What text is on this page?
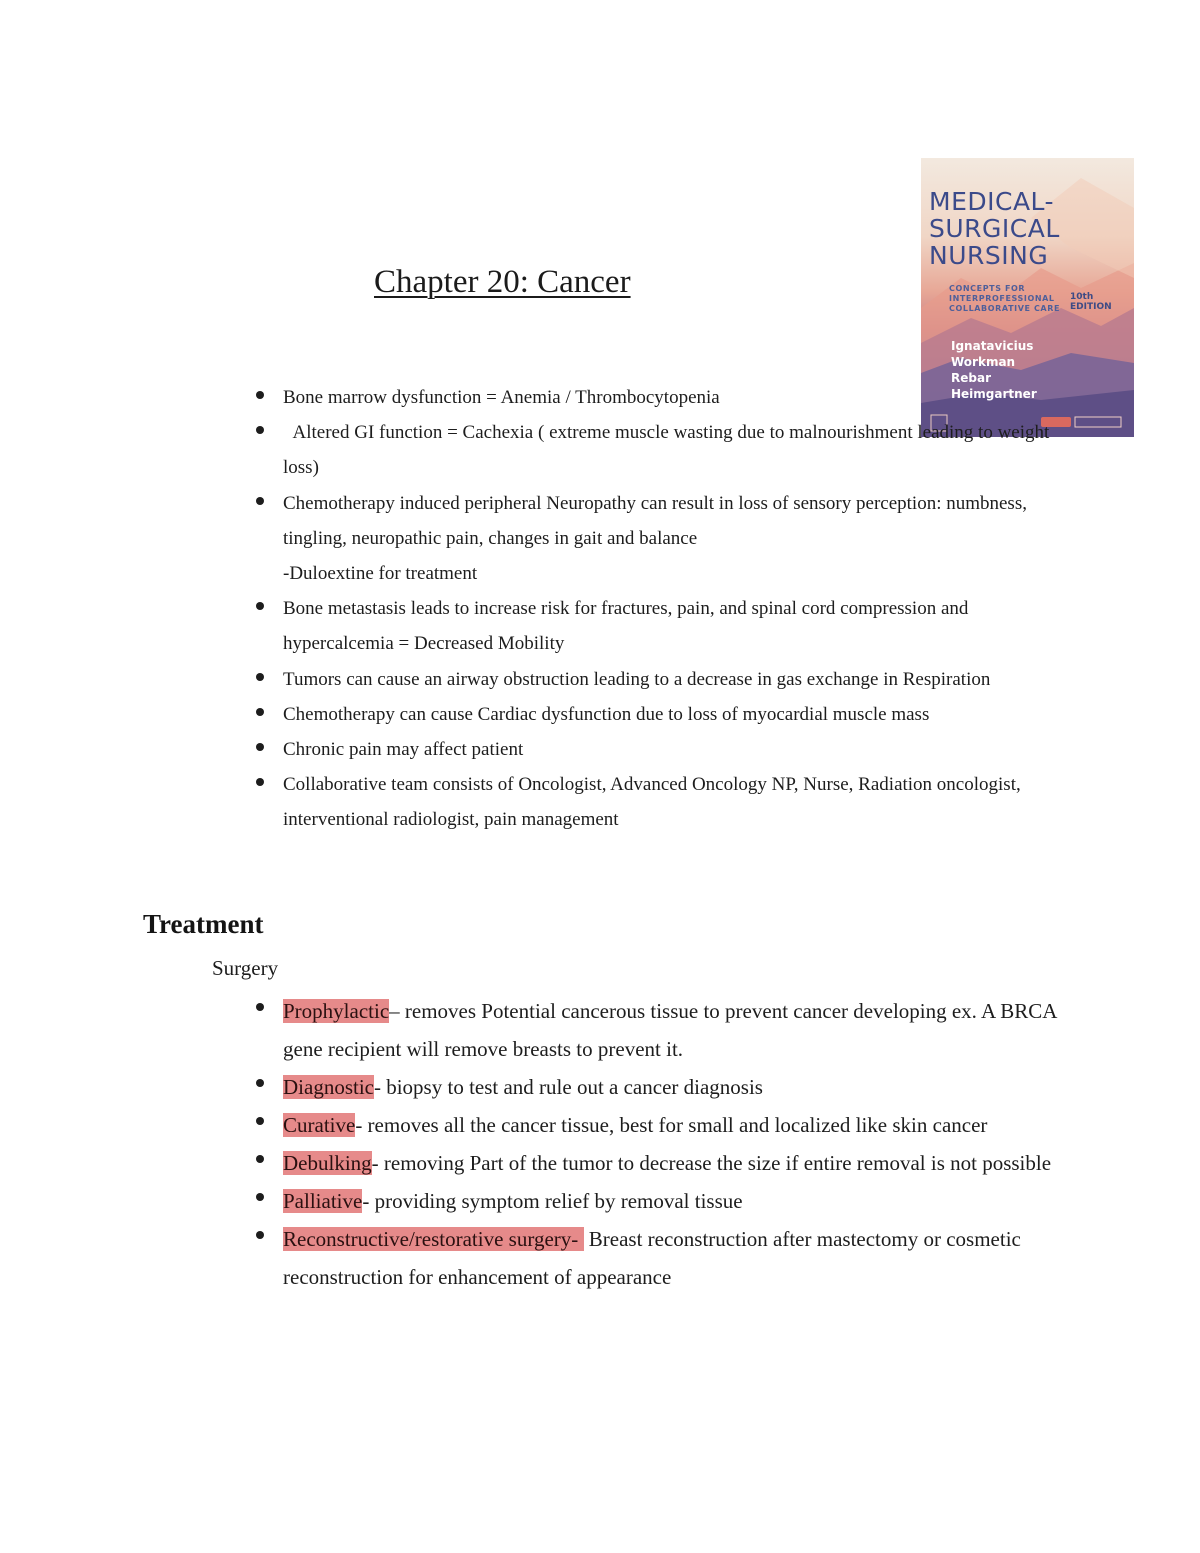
MEDICAL-
SURGICAL
NURSING
CONCEPTS FOR
INTERPROFESSIONAL
COLLABORATIVE CARE
10th EDITION
Ignatavicius
Workman
Rebar
Heimgartner
Chapter 20: Cancer
Bone marrow dysfunction = Anemia / Thrombocytopenia
Altered GI function = Cachexia ( extreme muscle wasting due to malnourishment leading to weight loss)
Chemotherapy induced peripheral Neuropathy can result in loss of sensory perception: numbness, tingling, neuropathic pain, changes in gait and balance
-Duloextine for treatment
Bone metastasis leads to increase risk for fractures, pain, and spinal cord compression and hypercalcemia = Decreased Mobility
Tumors can cause an airway obstruction leading to a decrease in gas exchange in Respiration
Chemotherapy can cause Cardiac dysfunction due to loss of myocardial muscle mass
Chronic pain may affect patient
Collaborative team consists of Oncologist, Advanced Oncology NP, Nurse, Radiation oncologist, interventional radiologist, pain management
Treatment
Surgery
Prophylactic– removes Potential cancerous tissue to prevent cancer developing ex. A BRCA gene recipient will remove breasts to prevent it.
Diagnostic- biopsy to test and rule out a cancer diagnosis
Curative- removes all the cancer tissue, best for small and localized like skin cancer
Debulking- removing Part of the tumor to decrease the size if entire removal is not possible
Palliative- providing symptom relief by removal tissue
Reconstructive/restorative surgery-  Breast reconstruction after mastectomy or cosmetic reconstruction for enhancement of appearance
